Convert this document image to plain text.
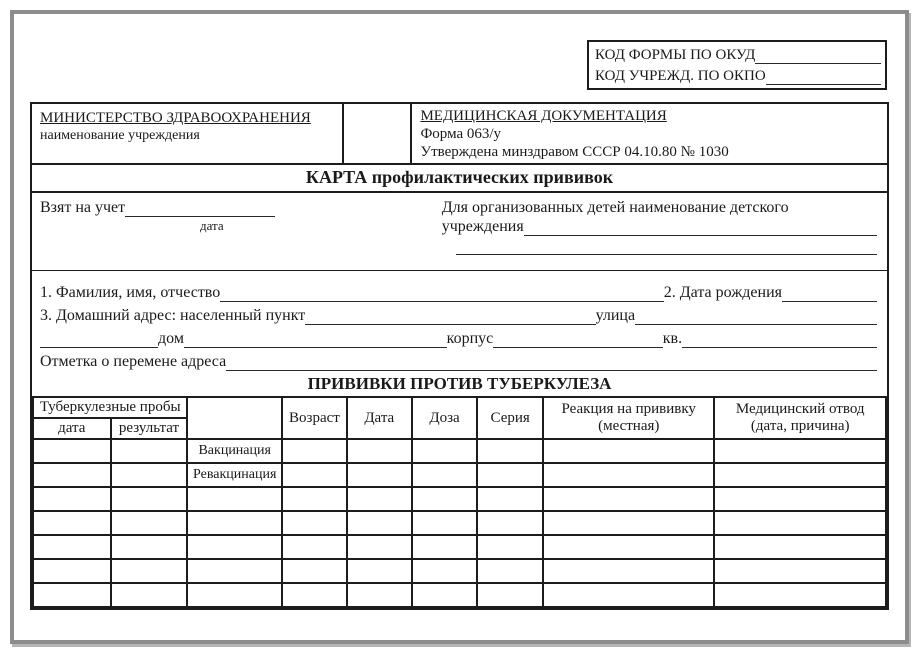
КОД ФОРМЫ ПО ОКУД
КОД УЧРЕЖД. ПО ОКПО
МИНИСТЕРСТВО ЗДРАВООХРАНЕНИЯ
наименование учреждения
МЕДИЦИНСКАЯ ДОКУМЕНТАЦИЯ
Форма 063/у
Утверждена минздравом СССР 04.10.80 № 1030
КАРТА профилактических прививок
Взят на учет
дата
Для организованных детей наименование детского
учреждения
1. Фамилия, имя, отчество	2. Дата рождения
3. Домашний адрес: населенный пункт	улица
дом	корпус	кв.
Отметка о перемене адреса
ПРИВИВКИ ПРОТИВ ТУБЕРКУЛЕЗА
Туберкулезные пробы			Возраст	Дата	Доза	Серия	Реакция на прививку (местная)	Медицинский отвод (дата, причина)
дата	результат							
		Вакцинация						
		Ревакцинация						
